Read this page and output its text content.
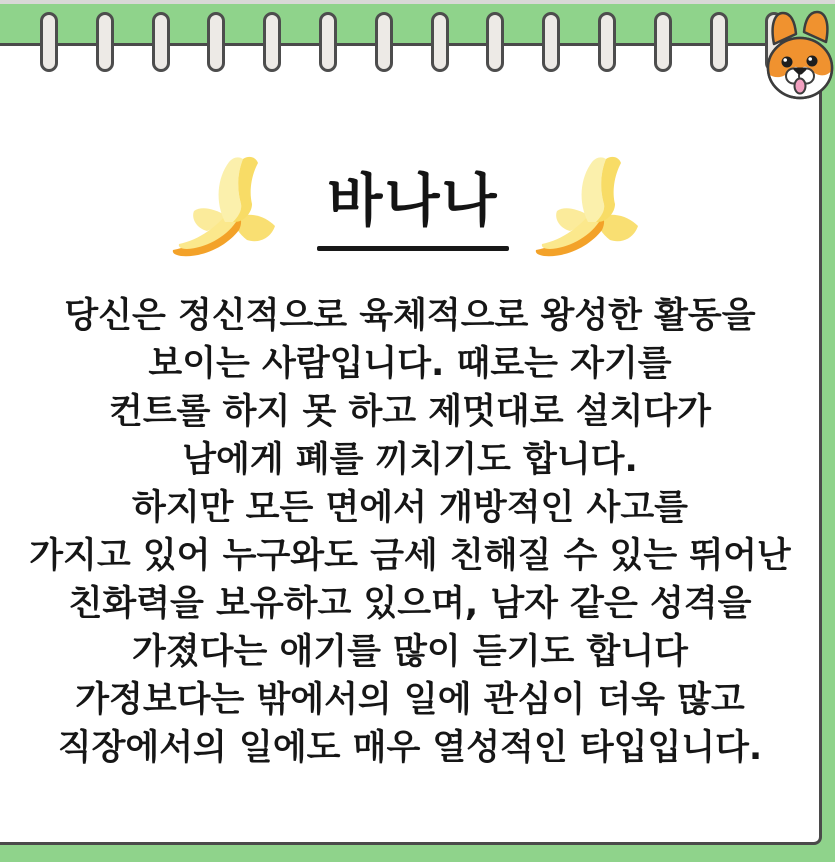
바나나
당신은 정신적으로 육체적으로 왕성한 활동을
보이는 사람입니다. 때로는 자기를
컨트롤 하지 못 하고 제멋대로 설치다가
남에게 폐를 끼치기도 합니다.
하지만 모든 면에서 개방적인 사고를
가지고 있어 누구와도 금세 친해질 수 있는 뛰어난
친화력을 보유하고 있으며, 남자 같은 성격을
가졌다는 애기를 많이 듣기도 합니다
가정보다는 밖에서의 일에 관심이 더욱 많고
직장에서의 일에도 매우 열성적인 타입입니다.
